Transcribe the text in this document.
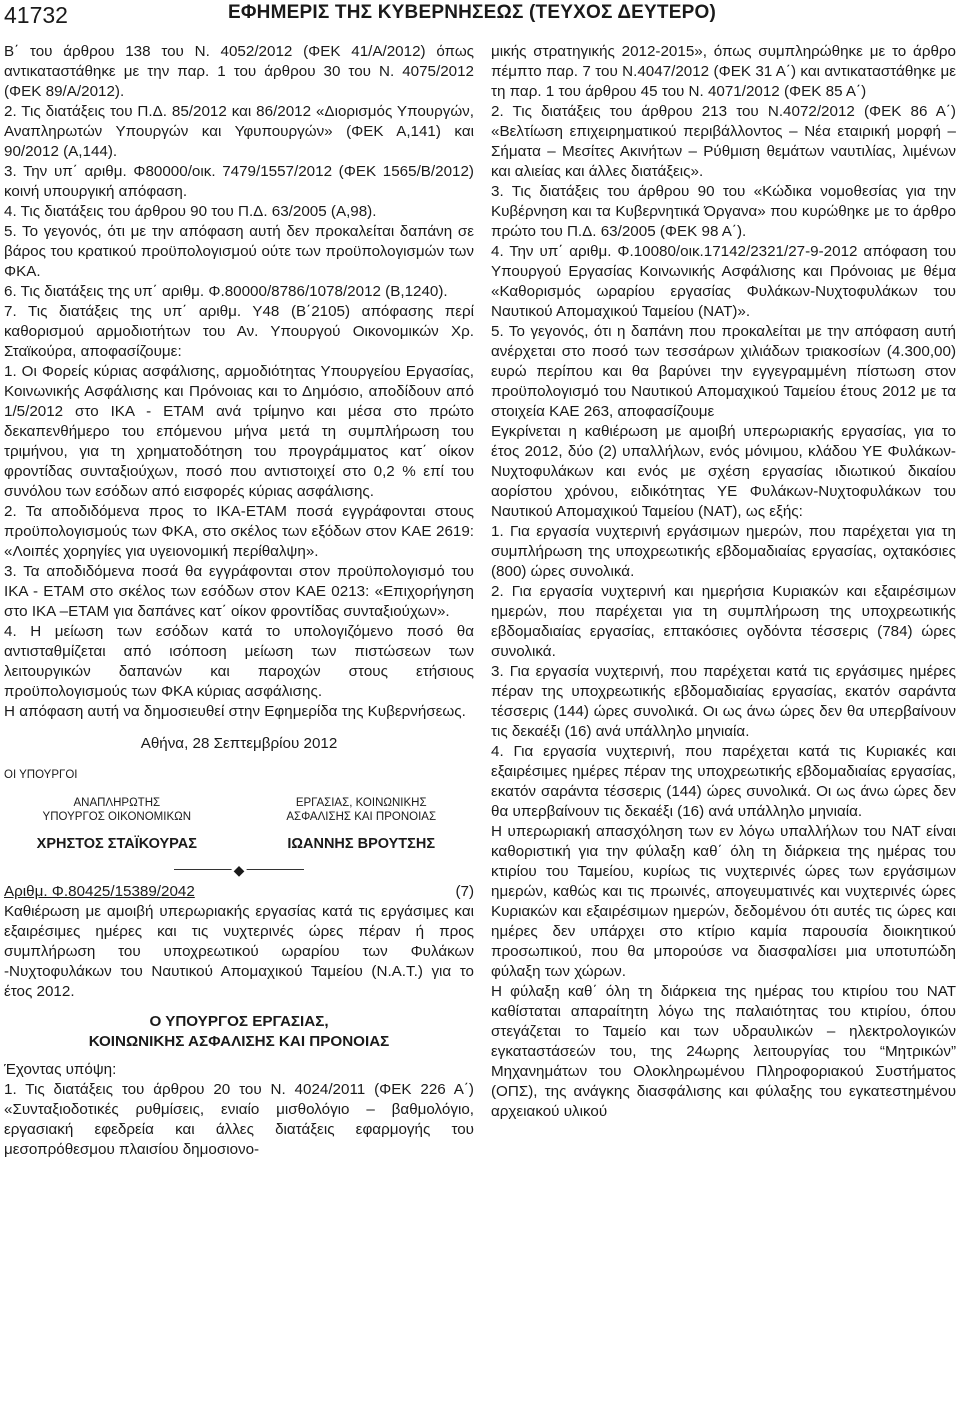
41732	ΕΦΗΜΕΡΙΣ ΤΗΣ ΚΥΒΕΡΝΗΣΕΩΣ (ΤΕΥΧΟΣ ΔΕΥΤΕΡΟ)

Β΄ του άρθρου 138 του Ν. 4052/2012 (ΦΕΚ 41/Α/2012) όπως αντικαταστάθηκε με την παρ. 1 του άρθρου 30 του Ν. 4075/2012 (ΦΕΚ 89/Α/2012).

2. Τις διατάξεις του Π.Δ. 85/2012 και 86/2012 «Διορισμός Υπουργών, Αναπληρωτών Υπουργών και Υφυπουργών» (ΦΕΚ Α,141) και 90/2012 (Α,144).

3. Την υπ΄ αριθμ. Φ80000/οικ. 7479/1557/2012 (ΦΕΚ 1565/Β/2012) κοινή υπουργική απόφαση.

4. Τις διατάξεις του άρθρου 90 του Π.Δ. 63/2005 (Α,98).

5. Το γεγονός, ότι με την απόφαση αυτή δεν προκαλείται δαπάνη σε βάρος του κρατικού προϋπολογισμού ούτε των προϋπολογισμών των ΦΚΑ.

6. Τις διατάξεις της υπ΄ αριθμ. Φ.80000/8786/1078/2012 (Β,1240).

7. Τις διατάξεις της υπ΄ αριθμ. Υ48 (Β΄2105) απόφασης περί καθορισμού αρμοδιοτήτων του Αν. Υπουργού Οικονομικών Χρ. Σταϊκούρα, αποφασίζουμε:

1. Οι Φορείς κύριας ασφάλισης, αρμοδιότητας Υπουργείου Εργασίας, Κοινωνικής Ασφάλισης και Πρόνοιας και το Δημόσιο, αποδίδουν από 1/5/2012 στο ΙΚΑ - ΕΤΑΜ ανά τρίμηνο και μέσα στο πρώτο δεκαπενθήμερο του επόμενου μήνα μετά τη συμπλήρωση του τριμήνου, για τη χρηματοδότηση του προγράμματος κατ΄ οίκον φροντίδας συνταξιούχων, ποσό που αντιστοιχεί στο 0,2 % επί του συνόλου των εσόδων από εισφορές κύριας ασφάλισης.

2. Τα αποδιδόμενα προς το ΙΚΑ-ΕΤΑΜ ποσά εγγράφονται στους προϋπολογισμούς των ΦΚΑ, στο σκέλος των εξόδων στον ΚΑΕ 2619: «Λοιπές χορηγίες για υγειονομική περίθαλψη».

3. Τα αποδιδόμενα ποσά θα εγγράφονται στον προϋπολογισμό του ΙΚΑ - ΕΤΑΜ στο σκέλος των εσόδων στον ΚΑΕ 0213: «Επιχορήγηση στο ΙΚΑ –ΕΤΑΜ για δαπάνες κατ΄ οίκον φροντίδας συνταξιούχων».

4. Η μείωση των εσόδων κατά το υπολογιζόμενο ποσό θα αντισταθμίζεται από ισόποση μείωση των πιστώσεων των λειτουργικών δαπανών και παροχών στους ετήσιους προϋπολογισμούς των ΦΚΑ κύριας ασφάλισης.

Η απόφαση αυτή να δημοσιευθεί στην Εφημερίδα της Κυβερνήσεως.

Αθήνα, 28 Σεπτεμβρίου 2012

ΟΙ ΥΠΟΥΡΓΟΙ

ΑΝΑΠΛΗΡΩΤΗΣ
ΥΠΟΥΡΓΟΣ ΟΙΚΟΝΟΜΙΚΩΝ
ΧΡΗΣΤΟΣ ΣΤΑΪΚΟΥΡΑΣ
ΕΡΓΑΣΙΑΣ, ΚΟΙΝΩΝΙΚΗΣ
ΑΣΦΑΛΙΣΗΣ ΚΑΙ ΠΡΟΝΟΙΑΣ
ΙΩΑΝΝΗΣ ΒΡΟΥΤΣΗΣ
◆
Αριθμ. Φ.80425/15389/2042	(7)

Καθιέρωση με αμοιβή υπερωριακής εργασίας κατά τις εργάσιμες και εξαιρέσιμες ημέρες και τις νυχτερινές ώρες πέραν ή προς συμπλήρωση του υποχρεωτικού ωραρίου των Φυλάκων -Νυχτοφυλάκων του Ναυτικού Απομαχικού Ταμείου (Ν.Α.Τ.) για το έτος 2012.

Ο ΥΠΟΥΡΓΟΣ ΕΡΓΑΣΙΑΣ,

ΚΟΙΝΩΝΙΚΗΣ ΑΣΦΑΛΙΣΗΣ ΚΑΙ ΠΡΟΝΟΙΑΣ

Έχοντας υπόψη:

1. Τις διατάξεις του άρθρου 20 του Ν. 4024/2011 (ΦΕΚ 226 Α΄) «Συνταξιοδοτικές ρυθμίσεις, ενιαίο μισθολόγιο – βαθμολόγιο, εργασιακή εφεδρεία και άλλες διατάξεις εφαρμογής του μεσοπρόθεσμου πλαισίου δημοσιονο-

μικής στρατηγικής 2012-2015», όπως συμπληρώθηκε με το άρθρο πέμπτο παρ. 7 του Ν.4047/2012 (ΦΕΚ 31 Α΄) και αντικαταστάθηκε με τη παρ. 1 του άρθρου 45 του Ν. 4071/2012 (ΦΕΚ 85 Α΄)

2. Τις διατάξεις του άρθρου 213 του Ν.4072/2012 (ΦΕΚ 86 Α΄) «Βελτίωση επιχειρηματικού περιβάλλοντος – Νέα εταιρική μορφή – Σήματα – Μεσίτες Ακινήτων – Ρύθμιση θεμάτων ναυτιλίας, λιμένων και αλιείας και άλλες διατάξεις».

3. Τις διατάξεις του άρθρου 90 του «Κώδικα νομοθεσίας για την Κυβέρνηση και τα Κυβερνητικά Όργανα» που κυρώθηκε με το άρθρο πρώτο του Π.Δ. 63/2005 (ΦΕΚ 98 Α΄).

4. Την υπ΄ αριθμ. Φ.10080/οικ.17142/2321/27-9-2012 απόφαση του Υπουργού Εργασίας Κοινωνικής Ασφάλισης και Πρόνοιας με θέμα «Καθορισμός ωραρίου εργασίας Φυλάκων-Νυχτοφυλάκων του Ναυτικού Απομαχικού Ταμείου (ΝΑΤ)».

5. Το γεγονός, ότι η δαπάνη που προκαλείται με την απόφαση αυτή ανέρχεται στο ποσό των τεσσάρων χιλιάδων τριακοσίων (4.300,00) ευρώ περίπου και θα βαρύνει την εγγεγραμμένη πίστωση στον προϋπολογισμό του Ναυτικού Απομαχικού Ταμείου έτους 2012 με τα στοιχεία ΚΑΕ 263, αποφασίζουμε

Εγκρίνεται η καθιέρωση με αμοιβή υπερωριακής εργασίας, για το έτος 2012, δύο (2) υπαλλήλων, ενός μόνιμου, κλάδου ΥΕ Φυλάκων-Νυχτοφυλάκων και ενός με σχέση εργασίας ιδιωτικού δικαίου αορίστου χρόνου, ειδικότητας ΥΕ Φυλάκων-Νυχτοφυλάκων του Ναυτικού Απομαχικού Ταμείου (ΝΑΤ), ως εξής:

1. Για εργασία νυχτερινή εργάσιμων ημερών, που παρέχεται για τη συμπλήρωση της υποχρεωτικής εβδομαδιαίας εργασίας, οχτακόσιες (800) ώρες συνολικά.

2. Για εργασία νυχτερινή και ημερήσια Κυριακών και εξαιρέσιμων ημερών, που παρέχεται για τη συμπλήρωση της υποχρεωτικής εβδομαδιαίας εργασίας, επτακόσιες ογδόντα τέσσερις (784) ώρες συνολικά.

3. Για εργασία νυχτερινή, που παρέχεται κατά τις εργάσιμες ημέρες πέραν της υποχρεωτικής εβδομαδιαίας εργασίας, εκατόν σαράντα τέσσερις (144) ώρες συνολικά. Οι ως άνω ώρες δεν θα υπερβαίνουν τις δεκαέξι (16) ανά υπάλληλο μηνιαία.

4. Για εργασία νυχτερινή, που παρέχεται κατά τις Κυριακές και εξαιρέσιμες ημέρες πέραν της υποχρεωτικής εβδομαδιαίας εργασίας, εκατόν σαράντα τέσσερις (144) ώρες συνολικά. Οι ως άνω ώρες δεν θα υπερβαίνουν τις δεκαέξι (16) ανά υπάλληλο μηνιαία.

Η υπερωριακή απασχόληση των εν λόγω υπαλλήλων του ΝΑΤ είναι καθοριστική για την φύλαξη καθ΄ όλη τη διάρκεια της ημέρας του κτιρίου του Ταμείου, κυρίως τις νυχτερινές ώρες των εργάσιμων ημερών, καθώς και τις πρωινές, απογευματινές και νυχτερινές ώρες Κυριακών και εξαιρέσιμων ημερών, δεδομένου ότι αυτές τις ώρες και ημέρες δεν υπάρχει στο κτίριο καμία παρουσία διοικητικού προσωπικού, που θα μπορούσε να διασφαλίσει μια υποτυπώδη φύλαξη των χώρων.

Η φύλαξη καθ΄ όλη τη διάρκεια της ημέρας του κτιρίου του ΝΑΤ καθίσταται απαραίτητη λόγω της παλαιότητας του κτιρίου, όπου στεγάζεται το Ταμείο και των υδραυλικών – ηλεκτρολογικών εγκαταστάσεών του, της 24ωρης λειτουργίας του “Μητρικών” Μηχανημάτων του Ολοκληρωμένου Πληροφοριακού Συστήματος (ΟΠΣ), της ανάγκης διασφάλισης και φύλαξης του εγκατεστημένου αρχειακού υλικού
